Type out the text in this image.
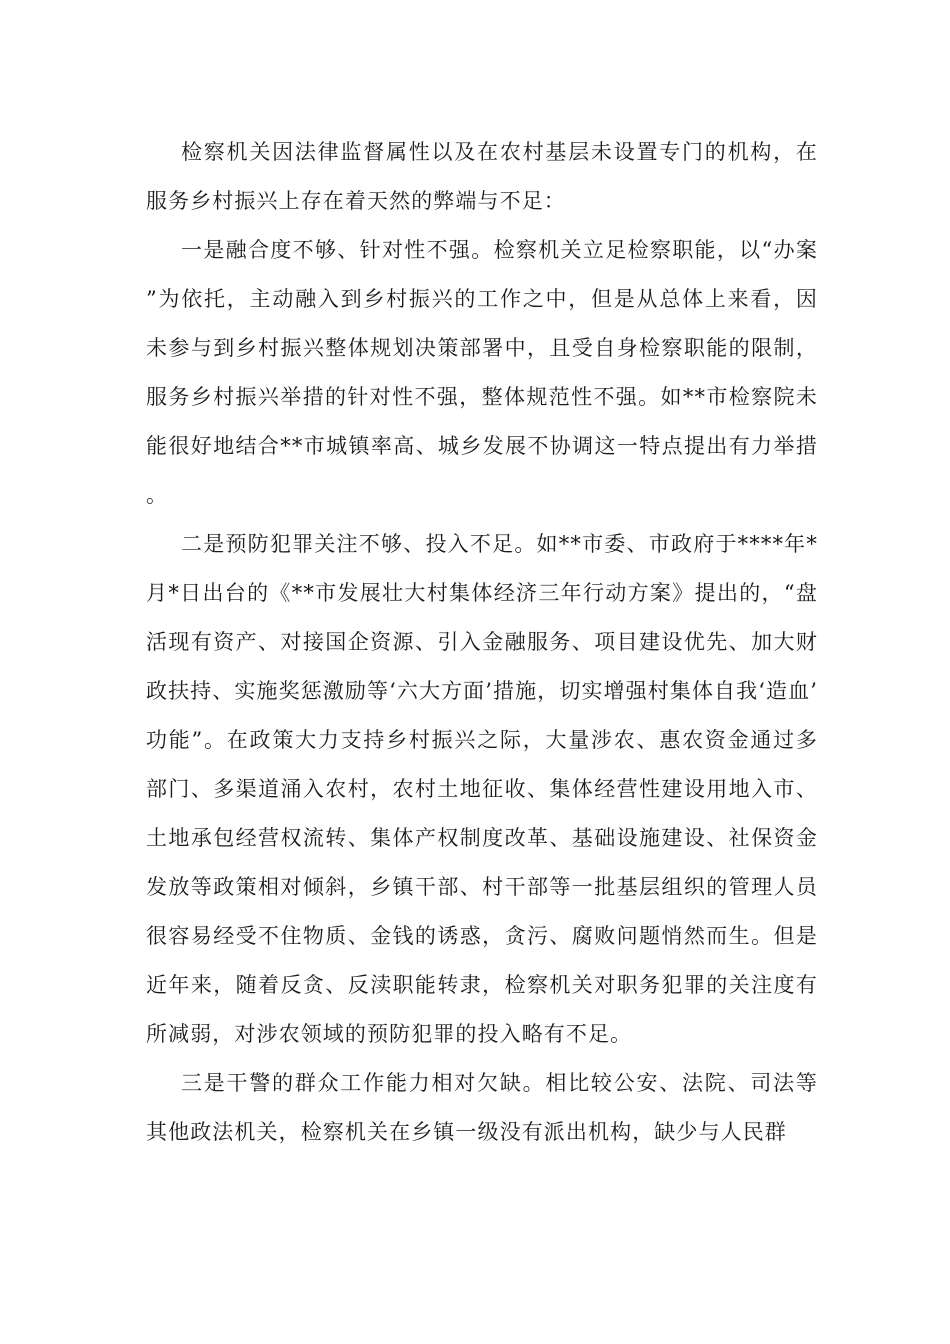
检察机关因法律监督属性以及在农村基层未设置专门的机构，在服务乡村振兴上存在着天然的弊端与不足：

一是融合度不够、针对性不强。检察机关立足检察职能，以“办案”为依托，主动融入到乡村振兴的工作之中，但是从总体上来看，因未参与到乡村振兴整体规划决策部署中，且受自身检察职能的限制，服务乡村振兴举措的针对性不强，整体规范性不强。如**市检察院未能很好地结合**市城镇率高、城乡发展不协调这一特点提出有力举措。

二是预防犯罪关注不够、投入不足。如**市委、市政府于****年*月*日出台的《**市发展壮大村集体经济三年行动方案》提出的，“盘活现有资产、对接国企资源、引入金融服务、项目建设优先、加大财政扶持、实施奖惩激励等‘六大方面’措施，切实增强村集体自我‘造血’功能”。在政策大力支持乡村振兴之际，大量涉农、惠农资金通过多部门、多渠道涌入农村，农村土地征收、集体经营性建设用地入市、土地承包经营权流转、集体产权制度改革、基础设施建设、社保资金发放等政策相对倾斜，乡镇干部、村干部等一批基层组织的管理人员很容易经受不住物质、金钱的诱惑，贪污、腐败问题悄然而生。但是近年来，随着反贪、反渎职能转隶，检察机关对职务犯罪的关注度有所减弱，对涉农领域的预防犯罪的投入略有不足。

三是干警的群众工作能力相对欠缺。相比较公安、法院、司法等其他政法机关，检察机关在乡镇一级没有派出机构，缺少与人民群
